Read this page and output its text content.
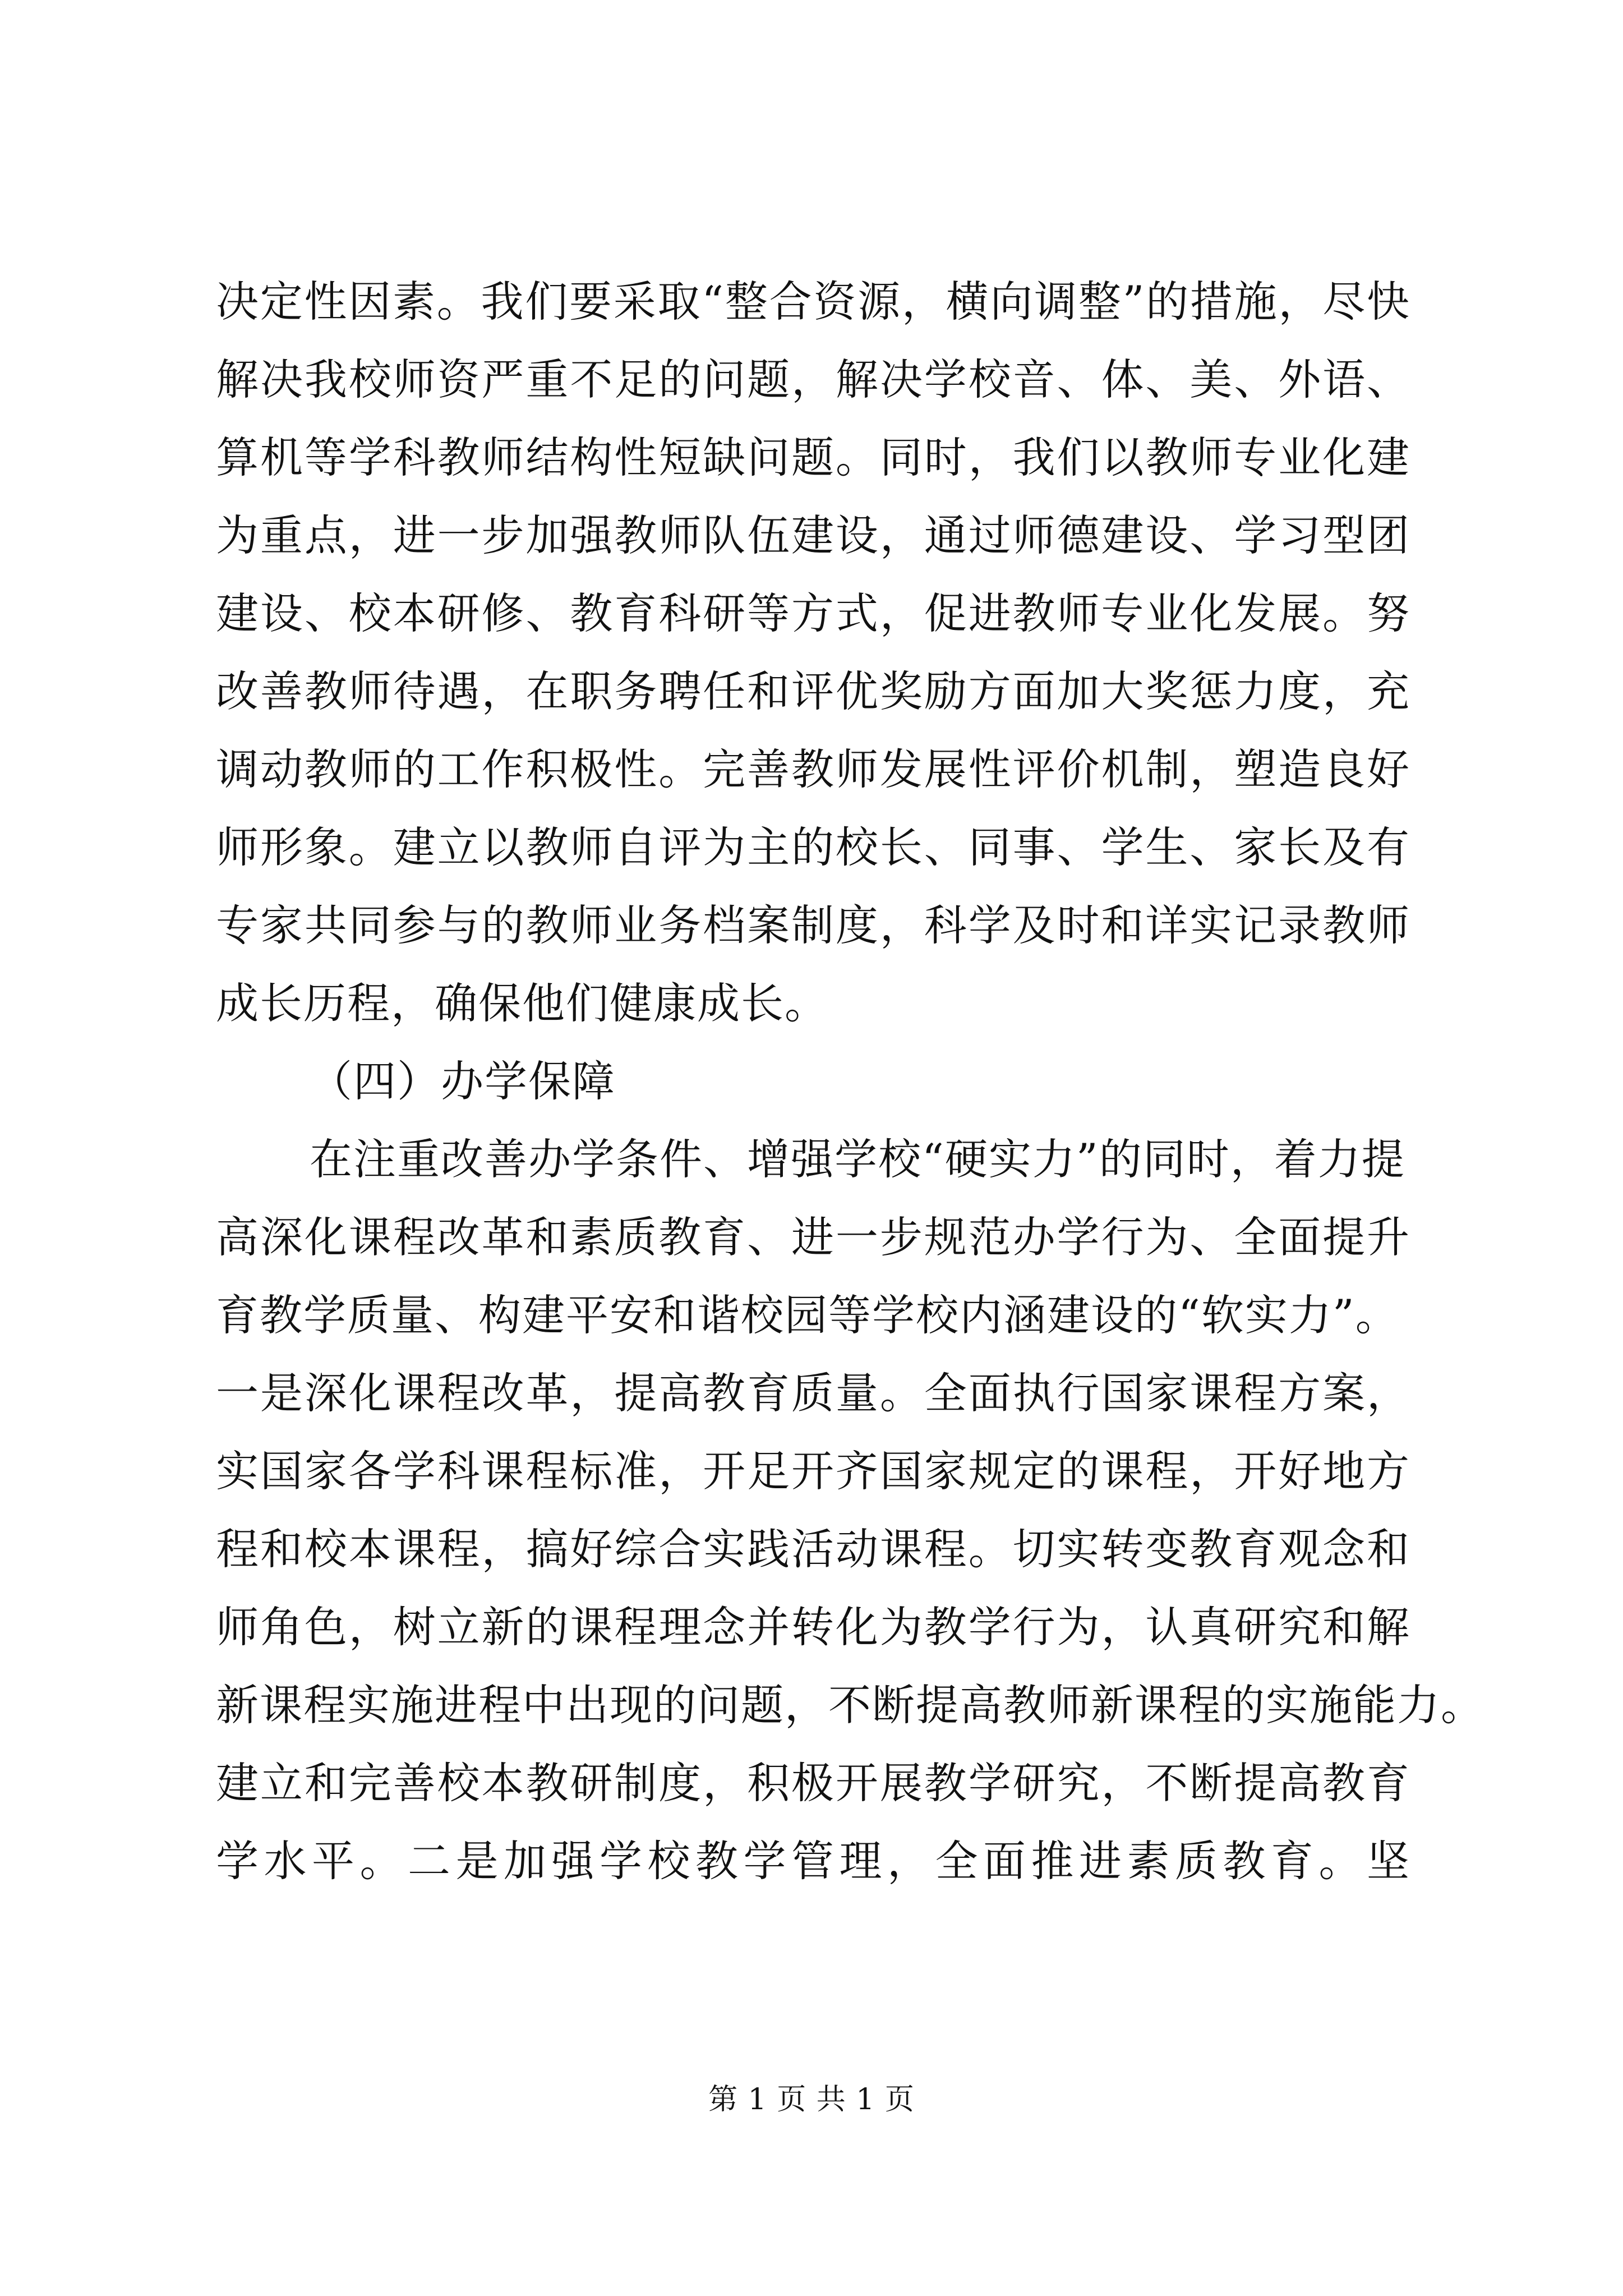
决定性因素。我们要采取“整合资源，横向调整”的措施，尽快
解决我校师资严重不足的问题，解决学校音、体、美、外语、
算机等学科教师结构性短缺问题。同时，我们以教师专业化建
为重点，进一步加强教师队伍建设，通过师德建设、学习型团
建设、校本研修、教育科研等方式，促进教师专业化发展。努
改善教师待遇，在职务聘任和评优奖励方面加大奖惩力度，充
调动教师的工作积极性。完善教师发展性评价机制，塑造良好
师形象。建立以教师自评为主的校长、同事、学生、家长及有
专家共同参与的教师业务档案制度，科学及时和详实记录教师
成长历程，确保他们健康成长。
（四）办学保障
在注重改善办学条件、增强学校“硬实力”的同时，着力提
高深化课程改革和素质教育、进一步规范办学行为、全面提升
育教学质量、构建平安和谐校园等学校内涵建设的“软实力”。
一是深化课程改革，提高教育质量。全面执行国家课程方案，
实国家各学科课程标准，开足开齐国家规定的课程，开好地方
程和校本课程，搞好综合实践活动课程。切实转变教育观念和
师角色，树立新的课程理念并转化为教学行为，认真研究和解
新课程实施进程中出现的问题，不断提高教师新课程的实施能力。
建立和完善校本教研制度，积极开展教学研究，不断提高教育
学水平。二是加强学校教学管理，全面推进素质教育。坚
第 1 页 共 1 页
